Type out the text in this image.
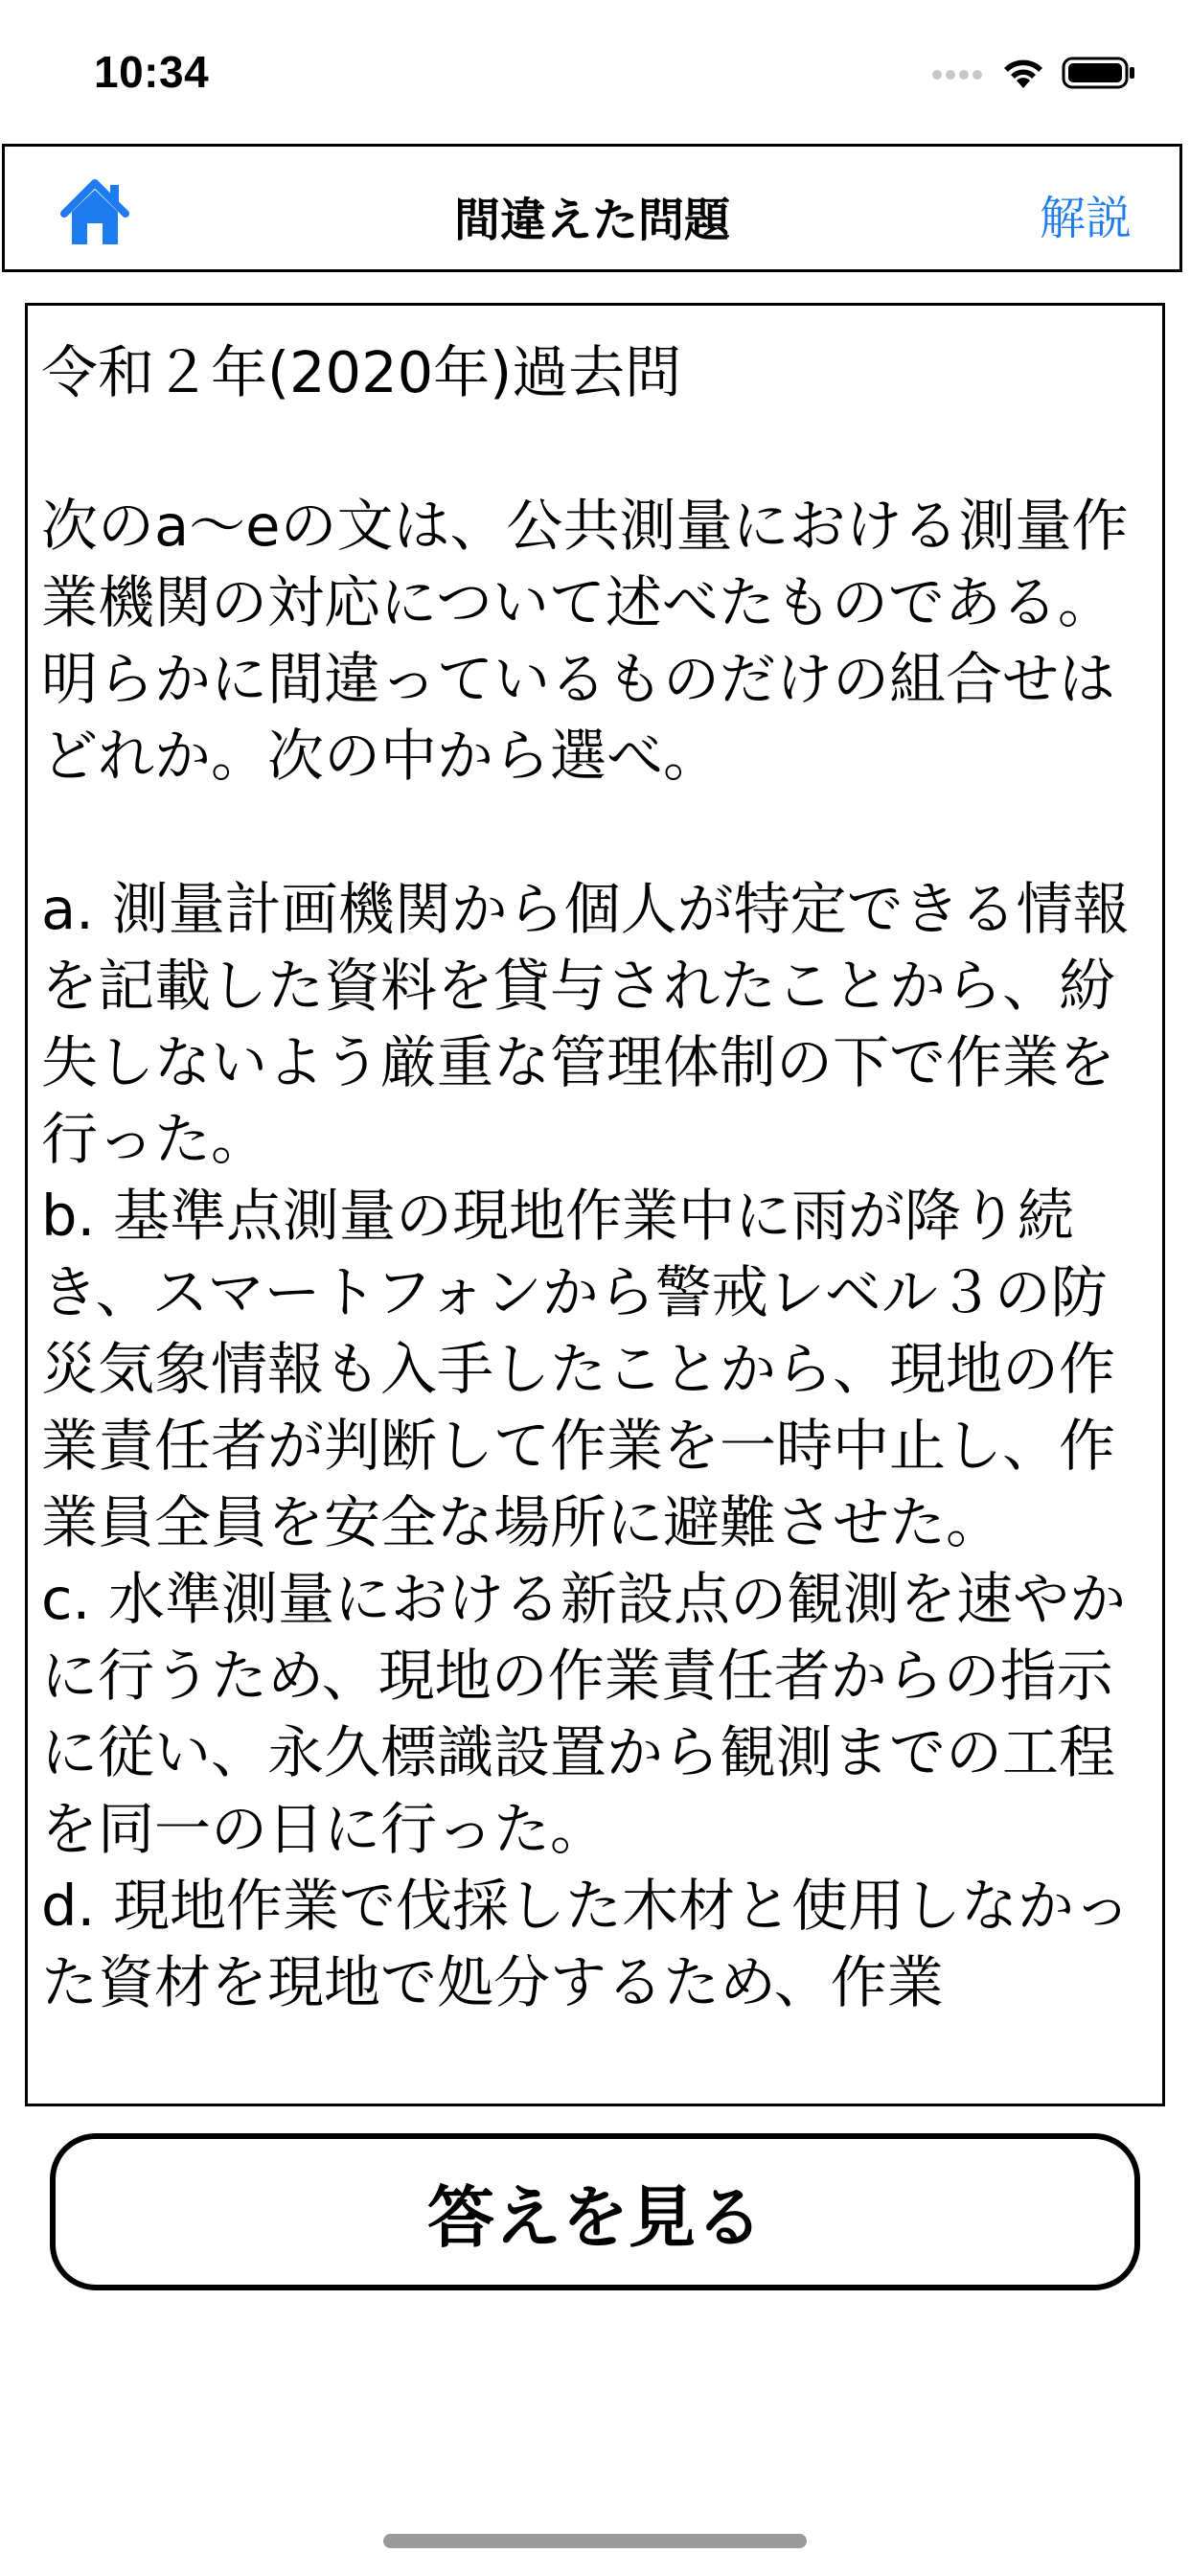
10:34
間違えた問題	解説

令和２年(2020年)過去問

次のa〜eの文は、公共測量における測量作業機関の対応について述べたものである。明らかに間違っているものだけの組合せはどれか。次の中から選べ。

a. 測量計画機関から個人が特定できる情報を記載した資料を貸与されたことから、紛失しないよう厳重な管理体制の下で作業を行った。
b. 基準点測量の現地作業中に雨が降り続き、スマートフォンから警戒レベル３の防災気象情報も入手したことから、現地の作業責任者が判断して作業を一時中止し、作業員全員を安全な場所に避難させた。
c. 水準測量における新設点の観測を速やかに行うため、現地の作業責任者からの指示に従い、永久標識設置から観測までの工程を同一の日に行った。
d. 現地作業で伐採した木材と使用しなかった資材を現地で処分するため、作業

答えを見る
